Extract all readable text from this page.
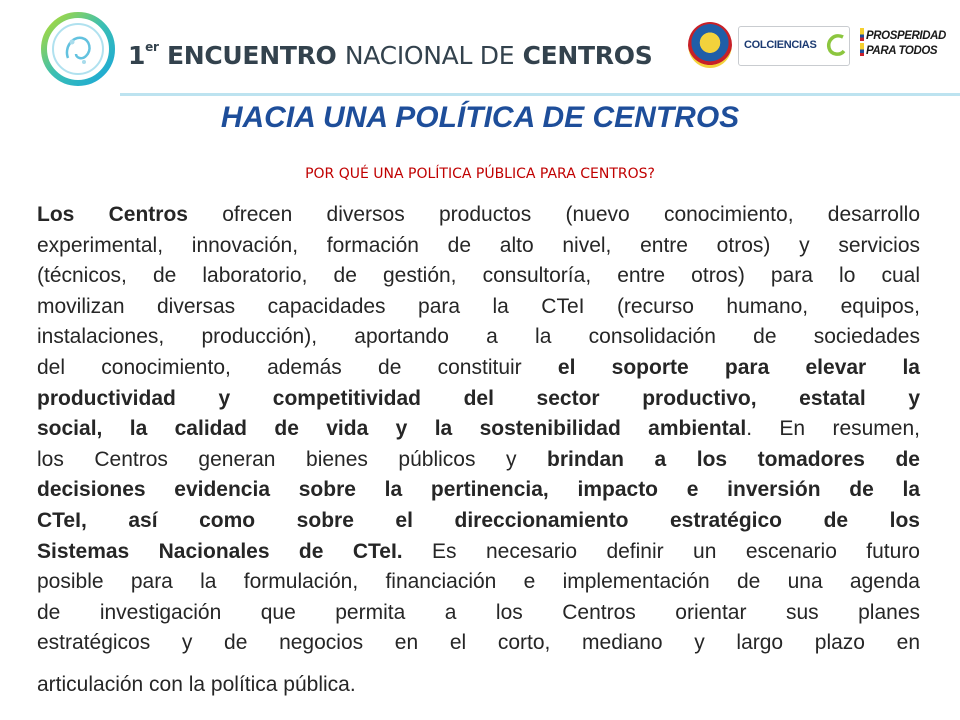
1er ENCUENTRO NACIONAL DE CENTROS	COLCIENCIAS
PROSPERIDAD
PARA TODOS
HACIA UNA POLÍTICA DE CENTROS

POR QUÉ UNA POLÍTICA PÚBLICA PARA CENTROS?

Los Centros ofrecen diversos productos (nuevo conocimiento, desarrollo
experimental, innovación, formación de alto nivel, entre otros) y servicios
(técnicos, de laboratorio, de gestión, consultoría, entre otros) para lo cual
movilizan diversas capacidades para la CTeI (recurso humano, equipos,
instalaciones, producción), aportando a la consolidación de sociedades
del conocimiento, además de constituir el soporte para elevar la
productividad y competitividad del sector productivo, estatal y
social, la calidad de vida y la sostenibilidad ambiental. En resumen,
los Centros generan bienes públicos y brindan a los tomadores de
decisiones evidencia sobre la pertinencia, impacto e inversión de la
CTeI, así como sobre el direccionamiento estratégico de los
Sistemas Nacionales de CTeI. Es necesario definir un escenario futuro
posible para la formulación, financiación e implementación de una agenda
de investigación que permita a los Centros orientar sus planes
estratégicos y de negocios en el corto, mediano y largo plazo en
articulación con la política pública.
